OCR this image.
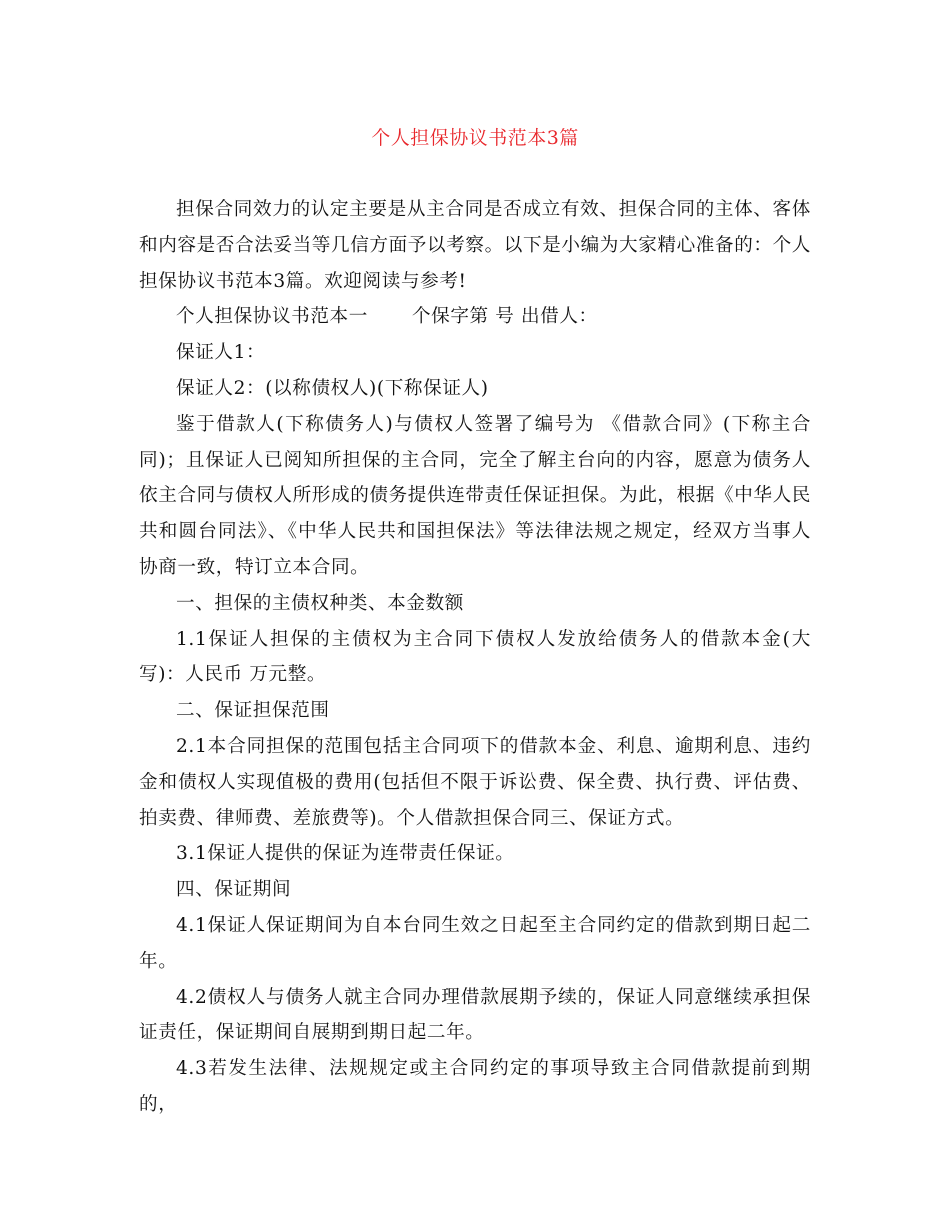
个人担保协议书范本3篇

担保合同效力的认定主要是从主合同是否成立有效、担保合同的主体、客体和内容是否合法妥当等几信方面予以考察。以下是小编为大家精心准备的：个人担保协议书范本3篇。欢迎阅读与参考!

个人担保协议书范本一 个保字第 号 出借人：

保证人1：

保证人2：(以称债权人)(下称保证人)

鉴于借款人(下称债务人)与债权人签署了编号为 《借款合同》(下称主合同)；且保证人已阅知所担保的主合同，完全了解主台向的内容，愿意为债务人依主合同与债权人所形成的债务提供连带责任保证担保。为此，根据《中华人民共和圆台同法》、《中华人民共和国担保法》等法律法规之规定，经双方当事人协商一致，特订立本合同。

一、担保的主债权种类、本金数额

1.1保证人担保的主债权为主合同下债权人发放给债务人的借款本金(大写)：人民币 万元整。

二、保证担保范围

2.1本合同担保的范围包括主合同项下的借款本金、利息、逾期利息、违约金和债权人实现值极的费用(包括但不限于诉讼费、保全费、执行费、评估费、拍卖费、律师费、差旅费等)。个人借款担保合同三、保证方式。

3.1保证人提供的保证为连带责任保证。

四、保证期间

4.1保证人保证期间为自本台同生效之日起至主合同约定的借款到期日起二年。

4.2债权人与债务人就主合同办理借款展期予续的，保证人同意继续承担保证责任，保证期间自展期到期日起二年。

4.3若发生法律、法规规定或主合同约定的事项导致主合同借款提前到期的，
